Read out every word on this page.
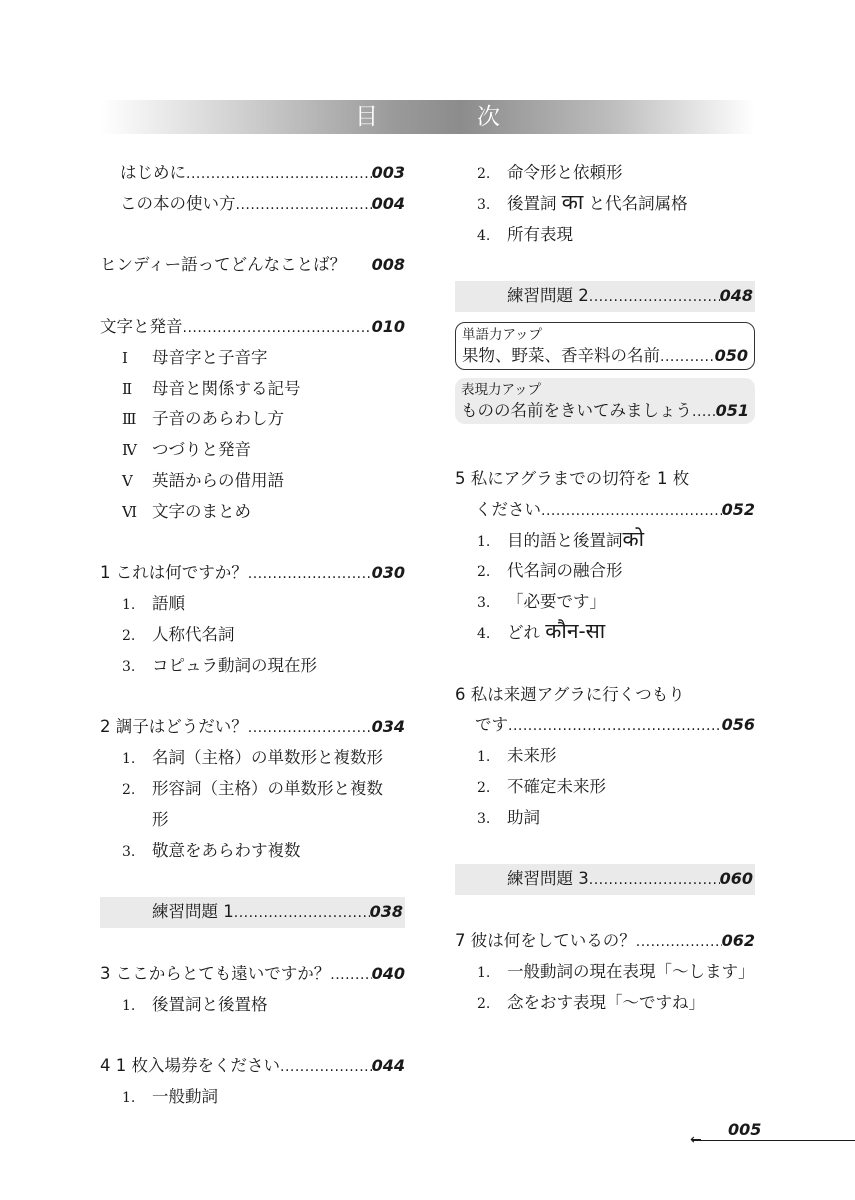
目　次
はじめに .....	003
この本の使い方 .....	004
ヒンディー語ってどんなことば？ 008
文字と発音 .....	010
Ⅰ 母音字と子音字
Ⅱ 母音と関係する記号
Ⅲ 子音のあらわし方
Ⅳ つづりと発音
Ⅴ 英語からの借用語
Ⅵ 文字のまとめ
1 これは何ですか？ .....	030
1. 語順
2. 人称代名詞
3. コピュラ動詞の現在形
2 調子はどうだい？ .....	034
1. 名詞（主格）の単数形と複数形
2. 形容詞（主格）の単数形と複数
形
3. 敬意をあらわす複数
練習問題 1 .....	038
3 ここからとても遠いですか？ .....	040
1. 後置詞と後置格
4 1 枚入場券をください .....	044
1. 一般動詞
2. 命令形と依頼形
3. 後置詞 का と代名詞属格
4. 所有表現
練習問題 2 .....	048
単語力アップ
果物、野菜、香辛料の名前 .....	050
表現力アップ
ものの名前をきいてみましょう ..... 051
5 私にアグラまでの切符を 1 枚
ください .....	052
1. 目的語と後置詞को
2. 代名詞の融合形
3. 「必要です」
4. どれ कौन-सा
6 私は来週アグラに行くつもり
です .....	056
1. 未来形
2. 不確定未来形
3. 助詞
練習問題 3 .....	060
7 彼は何をしているの？ .....	062
1. 一般動詞の現在表現「～します」
2. 念をおす表現「～ですね」
005
←
